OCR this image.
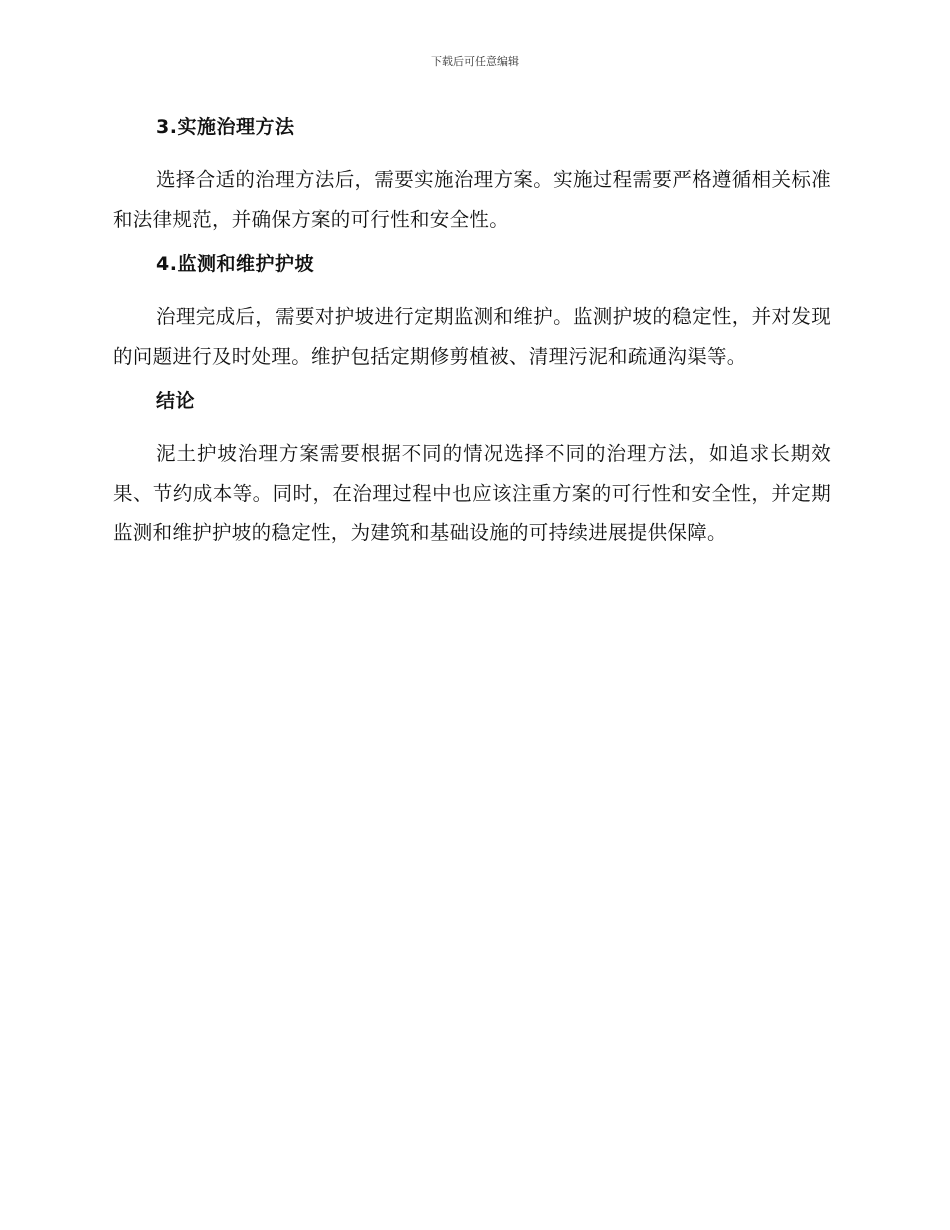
下载后可任意编辑
3.实施治理方法

选择合适的治理方法后，需要实施治理方案。实施过程需要严格遵循相关标准和法律规范，并确保方案的可行性和安全性。

4.监测和维护护坡

治理完成后，需要对护坡进行定期监测和维护。监测护坡的稳定性，并对发现的问题进行及时处理。维护包括定期修剪植被、清理污泥和疏通沟渠等。

结论

泥土护坡治理方案需要根据不同的情况选择不同的治理方法，如追求长期效果、节约成本等。同时，在治理过程中也应该注重方案的可行性和安全性，并定期监测和维护护坡的稳定性，为建筑和基础设施的可持续进展提供保障。
